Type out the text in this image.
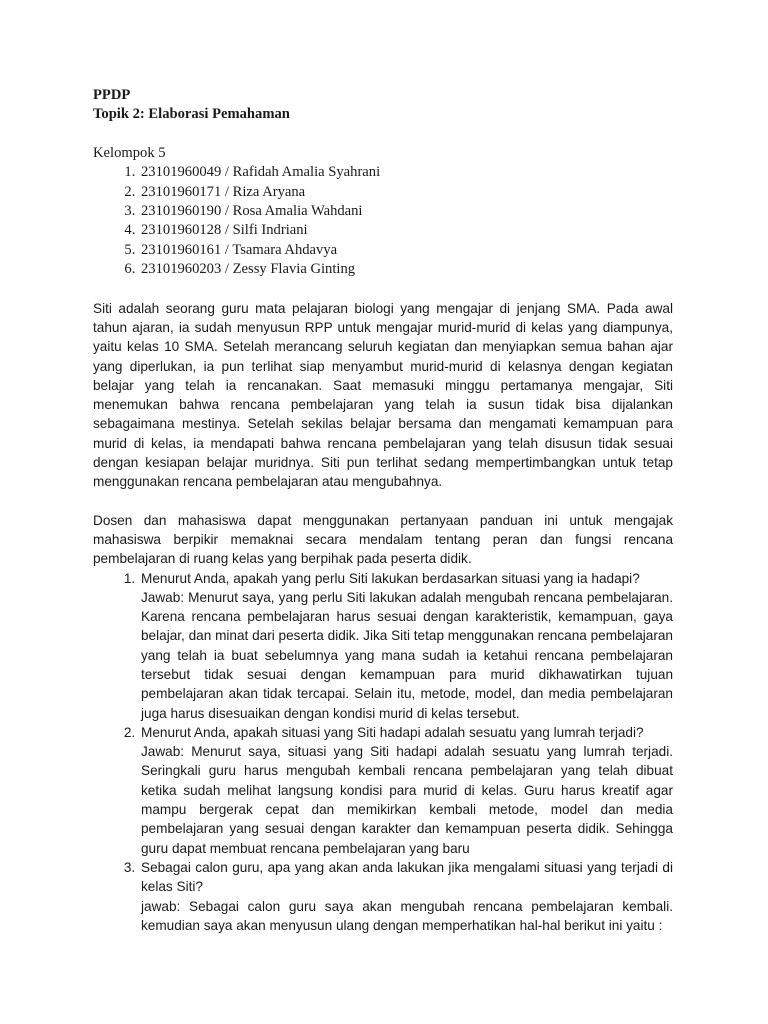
PPDP
Topik 2: Elaborasi Pemahaman
Kelompok 5
1. 23101960049 / Rafidah Amalia Syahrani
2. 23101960171 / Riza Aryana
3. 23101960190 / Rosa Amalia Wahdani
4. 23101960128 / Silfi Indriani
5. 23101960161 / Tsamara Ahdavya
6. 23101960203 / Zessy Flavia Ginting
Siti adalah seorang guru mata pelajaran biologi yang mengajar di jenjang SMA. Pada awal tahun ajaran, ia sudah menyusun RPP untuk mengajar murid-murid di kelas yang diampunya, yaitu kelas 10 SMA. Setelah merancang seluruh kegiatan dan menyiapkan semua bahan ajar yang diperlukan, ia pun terlihat siap menyambut murid-murid di kelasnya dengan kegiatan belajar yang telah ia rencanakan. Saat memasuki minggu pertamanya mengajar, Siti menemukan bahwa rencana pembelajaran yang telah ia susun tidak bisa dijalankan sebagaimana mestinya. Setelah sekilas belajar bersama dan mengamati kemampuan para murid di kelas, ia mendapati bahwa rencana pembelajaran yang telah disusun tidak sesuai dengan kesiapan belajar muridnya. Siti pun terlihat sedang mempertimbangkan untuk tetap menggunakan rencana pembelajaran atau mengubahnya.
Dosen dan mahasiswa dapat menggunakan pertanyaan panduan ini untuk mengajak mahasiswa berpikir memaknai secara mendalam tentang peran dan fungsi rencana pembelajaran di ruang kelas yang berpihak pada peserta didik.
1. Menurut Anda, apakah yang perlu Siti lakukan berdasarkan situasi yang ia hadapi?
Jawab: Menurut saya, yang perlu Siti lakukan adalah mengubah rencana pembelajaran. Karena rencana pembelajaran harus sesuai dengan karakteristik, kemampuan, gaya belajar, dan minat dari peserta didik. Jika Siti tetap menggunakan rencana pembelajaran yang telah ia buat sebelumnya yang mana sudah ia ketahui rencana pembelajaran tersebut tidak sesuai dengan kemampuan para murid dikhawatirkan tujuan pembelajaran akan tidak tercapai. Selain itu, metode, model, dan media pembelajaran juga harus disesuaikan dengan kondisi murid di kelas tersebut.
2. Menurut Anda, apakah situasi yang Siti hadapi adalah sesuatu yang lumrah terjadi?
Jawab: Menurut saya, situasi yang Siti hadapi adalah sesuatu yang lumrah terjadi. Seringkali guru harus mengubah kembali rencana pembelajaran yang telah dibuat ketika sudah melihat langsung kondisi para murid di kelas. Guru harus kreatif agar mampu bergerak cepat dan memikirkan kembali metode, model dan media pembelajaran yang sesuai dengan karakter dan kemampuan peserta didik. Sehingga guru dapat membuat rencana pembelajaran yang baru
3. Sebagai calon guru, apa yang akan anda lakukan jika mengalami situasi yang terjadi di kelas Siti?
jawab: Sebagai calon guru saya akan mengubah rencana pembelajaran kembali. kemudian saya akan menyusun ulang dengan memperhatikan hal-hal berikut ini yaitu :
